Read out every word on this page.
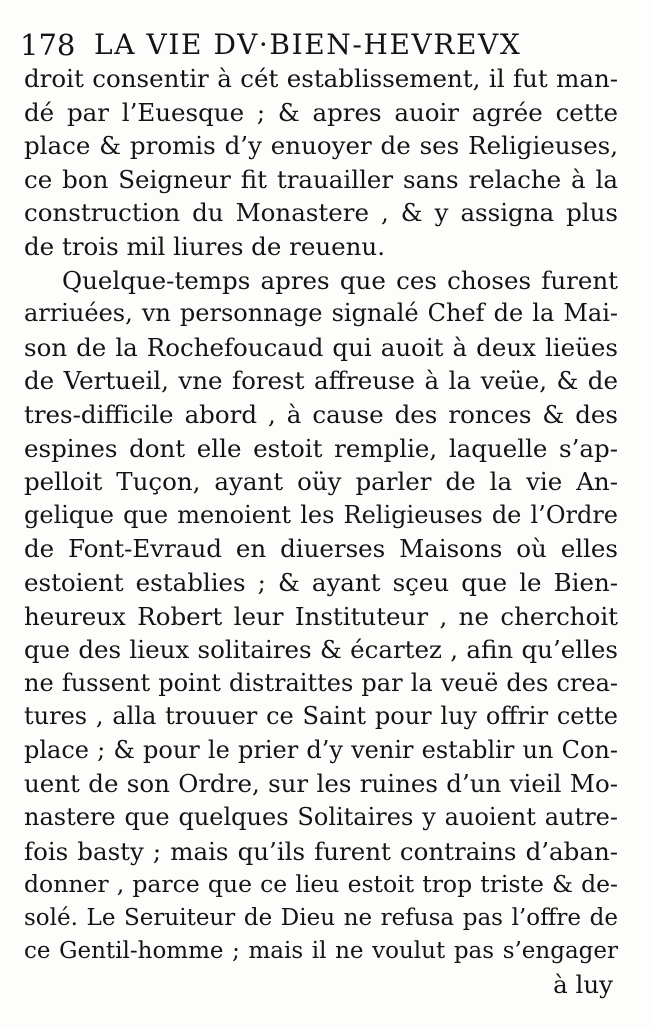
178 LA VIE DV·BIEN-HEVREVX
droit consentir à cét establissement, il fut man-
dé par l’Euesque ; & apres auoir agrée cette
place & promis d’y enuoyer de ses Religieuses,
ce bon Seigneur fit trauailler sans relache à la
construction du Monastere , & y assigna plus
de trois mil liures de reuenu.
Quelque-temps apres que ces choses furent
arriuées, vn personnage signalé Chef de la Mai-
son de la Rochefoucaud qui auoit à deux lieües
de Vertueil, vne forest affreuse à la veüe, & de
tres-difficile abord , à cause des ronces & des
espines dont elle estoit remplie, laquelle s’ap-
pelloit Tuçon, ayant oüy parler de la vie An-
gelique que menoient les Religieuses de l’Ordre
de Font-Evraud en diuerses Maisons où elles
estoient establies ; & ayant sçeu que le Bien-
heureux Robert leur Instituteur , ne cherchoit
que des lieux solitaires & écartez , afin qu’elles
ne fussent point distraittes par la veuë des crea-
tures , alla trouuer ce Saint pour luy offrir cette
place ; & pour le prier d’y venir establir un Con-
uent de son Ordre, sur les ruines d’un vieil Mo-
nastere que quelques Solitaires y auoient autre-
fois basty ; mais qu’ils furent contrains d’aban-
donner , parce que ce lieu estoit trop triste & de-
solé. Le Seruiteur de Dieu ne refusa pas l’offre de
ce Gentil-homme ; mais il ne voulut pas s’engager
à luy
